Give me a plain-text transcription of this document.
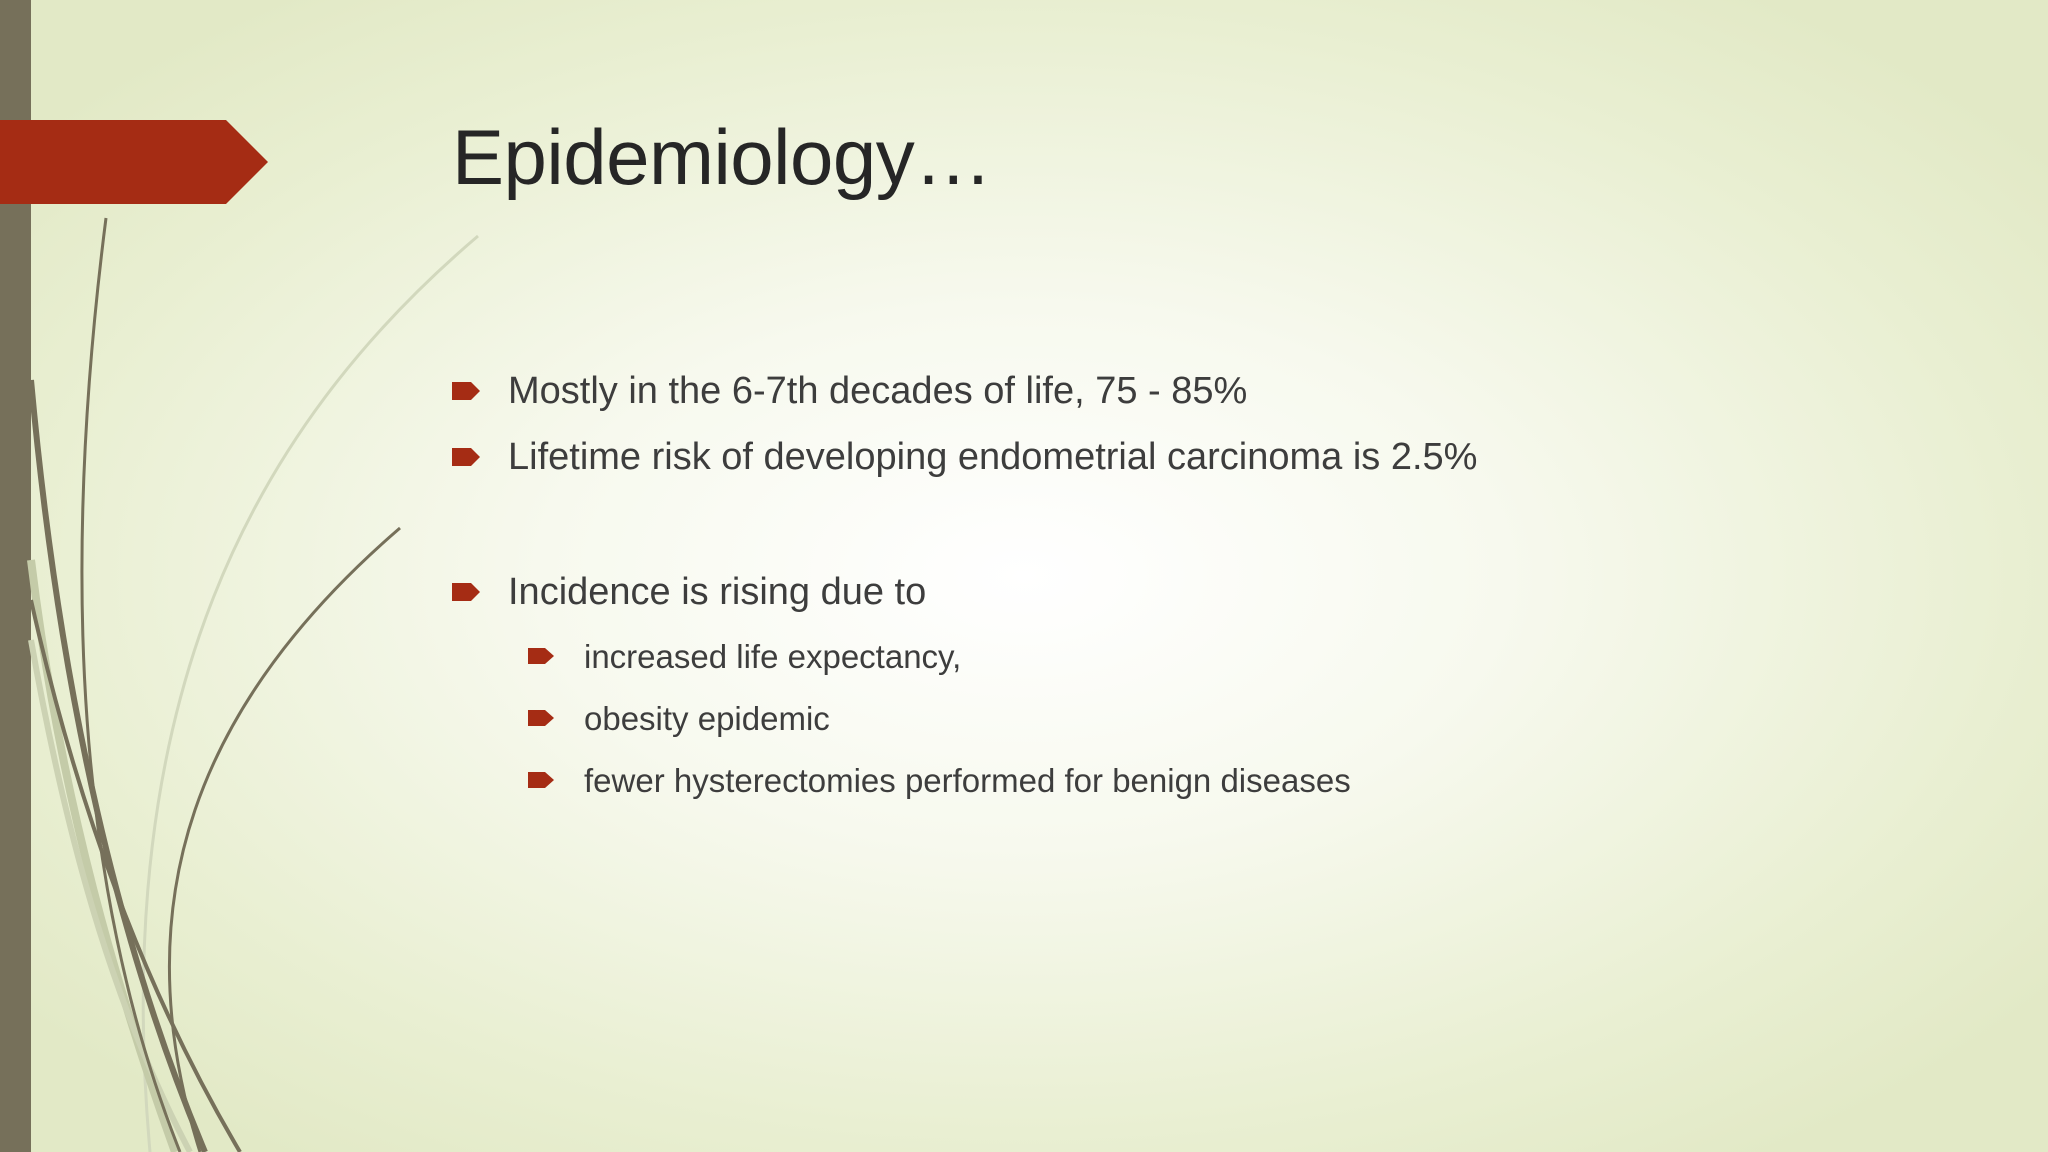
Epidemiology…
Mostly in the 6-7th decades of life, 75 - 85%
Lifetime risk of developing endometrial carcinoma is 2.5%
Incidence is rising due to
increased life expectancy,
obesity epidemic
fewer hysterectomies performed for benign diseases
